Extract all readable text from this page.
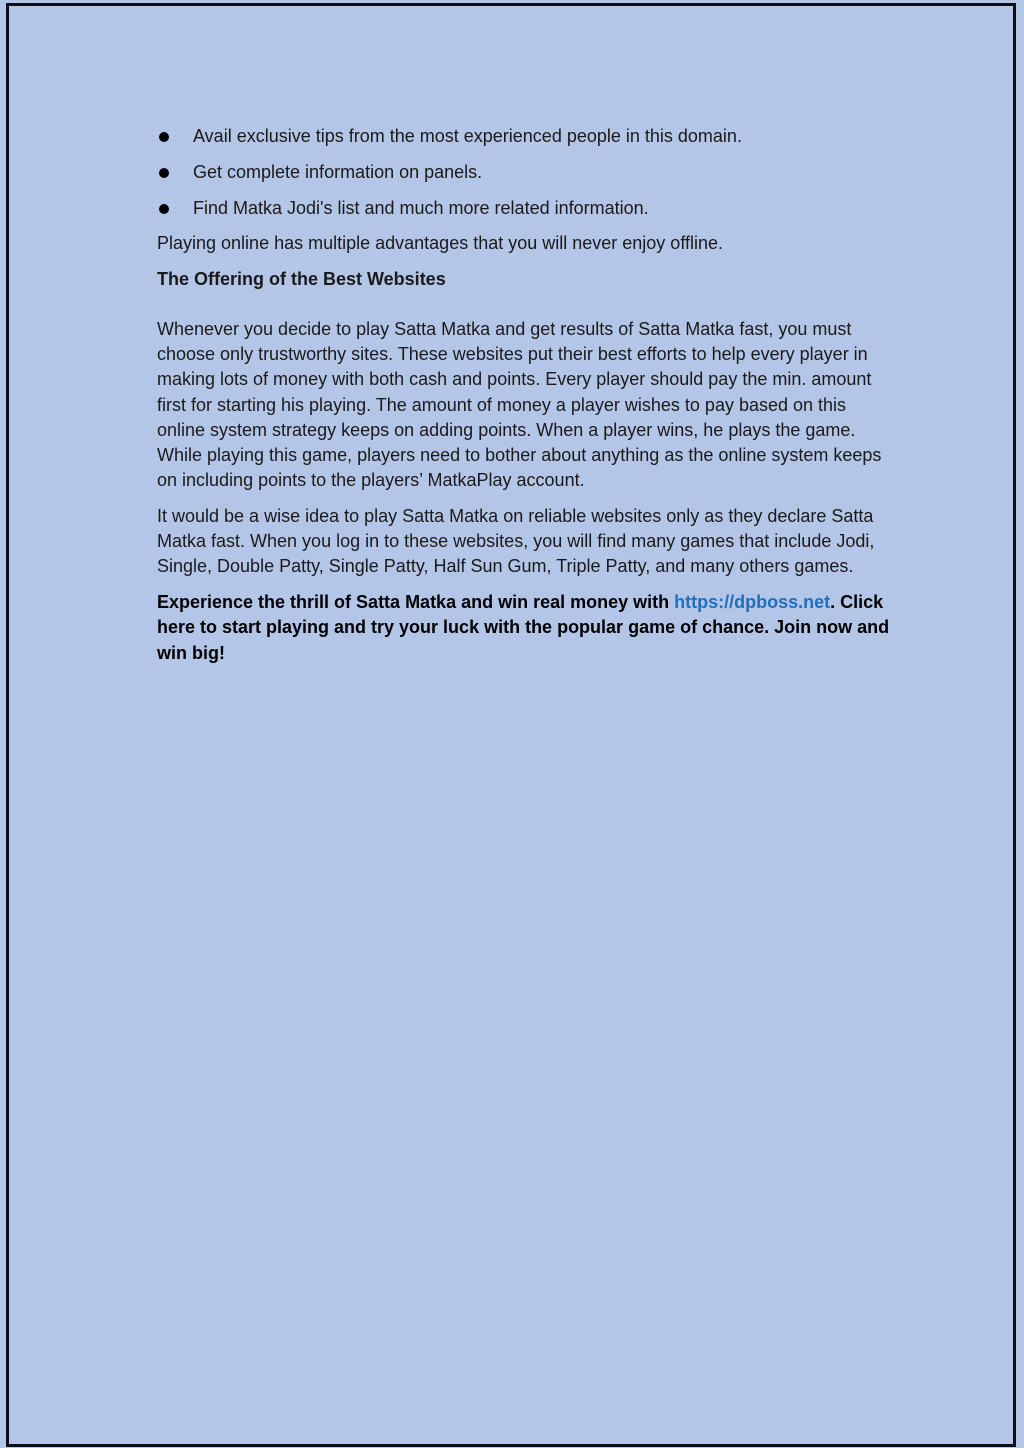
Avail exclusive tips from the most experienced people in this domain.
Get complete information on panels.
Find Matka Jodi's list and much more related information.

Playing online has multiple advantages that you will never enjoy offline.

The Offering of the Best Websites

Whenever you decide to play Satta Matka and get results of Satta Matka fast, you must choose only trustworthy sites. These websites put their best efforts to help every player in making lots of money with both cash and points. Every player should pay the min. amount first for starting his playing. The amount of money a player wishes to pay based on this online system strategy keeps on adding points. When a player wins, he plays the game. While playing this game, players need to bother about anything as the online system keeps on including points to the players’ MatkaPlay account.

It would be a wise idea to play Satta Matka on reliable websites only as they declare Satta Matka fast. When you log in to these websites, you will find many games that include Jodi, Single, Double Patty, Single Patty, Half Sun Gum, Triple Patty, and many others games.

Experience the thrill of Satta Matka and win real money with https://dpboss.net. Click here to start playing and try your luck with the popular game of chance. Join now and win big!
